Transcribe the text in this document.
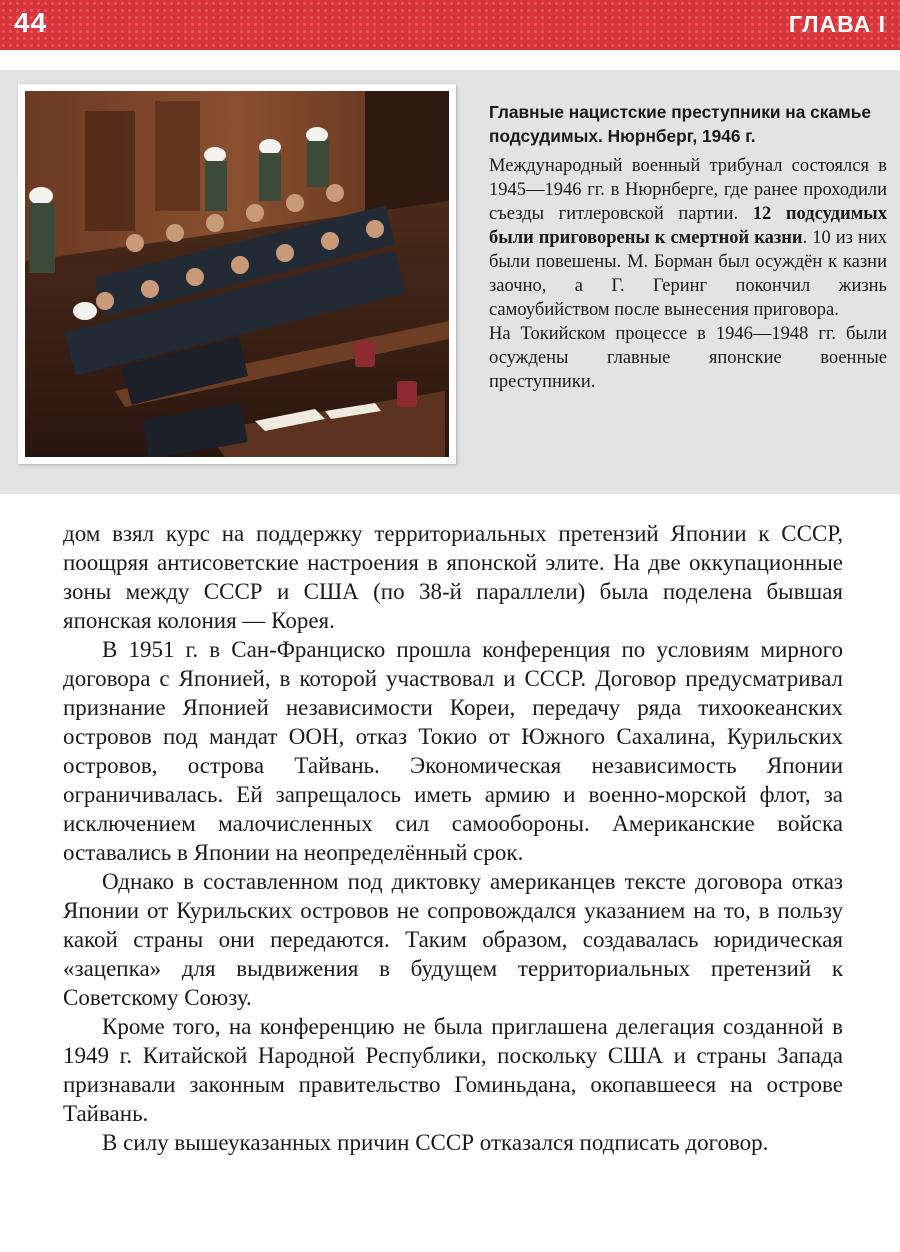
44	ГЛАВА I

Главные нацистские преступники на скамье подсудимых. Нюрнберг, 1946 г.

Международный военный трибунал состоялся в 1945—1946 гг. в Нюрнберге, где ранее проходили съезды гитлеровской партии. 12 подсудимых были приговорены к смертной казни. 10 из них были повешены. М. Борман был осуждён к казни заочно, а Г. Геринг покончил жизнь самоубийством после вынесения приговора.

На Токийском процессе в 1946—1948 гг. были осуждены главные японские военные преступники.

дом взял курс на поддержку территориальных претензий Японии к СССР, поощряя антисоветские настроения в японской элите. На две оккупационные зоны между СССР и США (по 38-й параллели) была поделена бывшая японская колония — Корея.

В 1951 г. в Сан-Франциско прошла конференция по условиям мирного договора с Японией, в которой участвовал и СССР. Договор предусматривал признание Японией независимости Кореи, передачу ряда тихоокеанских островов под мандат ООН, отказ Токио от Южного Сахалина, Курильских островов, острова Тайвань. Экономическая независимость Японии ограничивалась. Ей запрещалось иметь армию и военно-морской флот, за исключением малочисленных сил самообороны. Американские войска оставались в Японии на неопределённый срок.

Однако в составленном под диктовку американцев тексте договора отказ Японии от Курильских островов не сопровождался указанием на то, в пользу какой страны они передаются. Таким образом, создавалась юридическая «зацепка» для выдвижения в будущем территориальных претензий к Советскому Союзу.

Кроме того, на конференцию не была приглашена делегация созданной в 1949 г. Китайской Народной Республики, поскольку США и страны Запада признавали законным правительство Гоминьдана, окопавшееся на острове Тайвань.

В силу вышеуказанных причин СССР отказался подписать договор.
